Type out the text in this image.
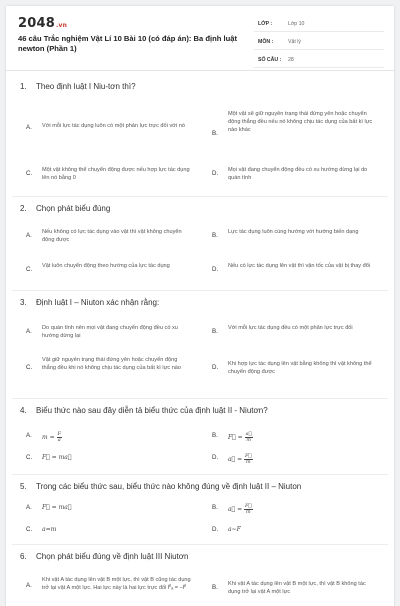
2048.vn
46 câu Trắc nghiệm Vật Lí 10 Bài 10 (có đáp án): Ba định luật newton (Phần 1)
LỚP :	Lớp 10
MÔN :	Vật lý
SỐ CÂU : 28
1. Theo định luật I Niu-tơn thì?
A. Với mỗi lực tác dụng luôn có một phản lực trực đối với nó
B.
Một vật sẽ giữ nguyên trạng thái đứng yên hoặc chuyển động thẳng đều nếu nó không chịu tác dụng của bất kì lực nào khác
C. Một vật không thể chuyển động được nếu hợp lực tác dụng lên nó bằng 0
D. Mọi vật đang chuyển động đều có xu hướng dừng lại do quán tính
2. Chọn phát biểu đúng
A. Nếu không có lực tác dụng vào vật thì vật không chuyển động được
B. Lực tác dụng luôn cùng hướng với hướng biến dạng
C. Vật luôn chuyển động theo hướng của lực tác dụng	D. Nếu có lực tác dụng lên vật thì vận tốc của vật bị thay đổi
3. Định luật I – Niuton xác nhận rằng:
A. Do quán tính nên mọi vật đang chuyển động đều có xu hướng dừng lại
B. Với mỗi lực tác dụng đều có một phản lực trực đối
C.
Vật giữ nguyên trạng thái đứng yên hoặc chuyển động thẳng đều khi nó không chịu tác dụng của bất kì lực nào	D. Khi hợp lực tác dụng lên vật bằng không thì vật không thể chuyển động được
4. Biểu thức nào sau đây diễn tả biểu thức của định luật II - Niutơn?
A. $m = \frac{F}{a}$	B. F⃗ = $\frac{a⃗}{m}$
C. F⃗ = ma⃗	D. a⃗ = $\frac{F⃗}{m}$
5. Trong các biểu thức sau, biểu thức nào không đúng về định luật II – Niuton
A. F⃗ = ma⃗	B. a⃗ = $\frac{F⃗}{m}$
C. a=m	D. a~F
6. Chọn phát biểu đúng về định luật III Niutơn
A.
Khi vật A tác dụng lên vật B một lực, thì vật B cũng tác dụng trở lại vật A một lực. Hai lực này là hai lực trực đối F⃗ₐ = −F⃗	B. Khi vật A tác dụng lên vật B một lực, thì vật B không tác dụng trở lại vật A một lực
